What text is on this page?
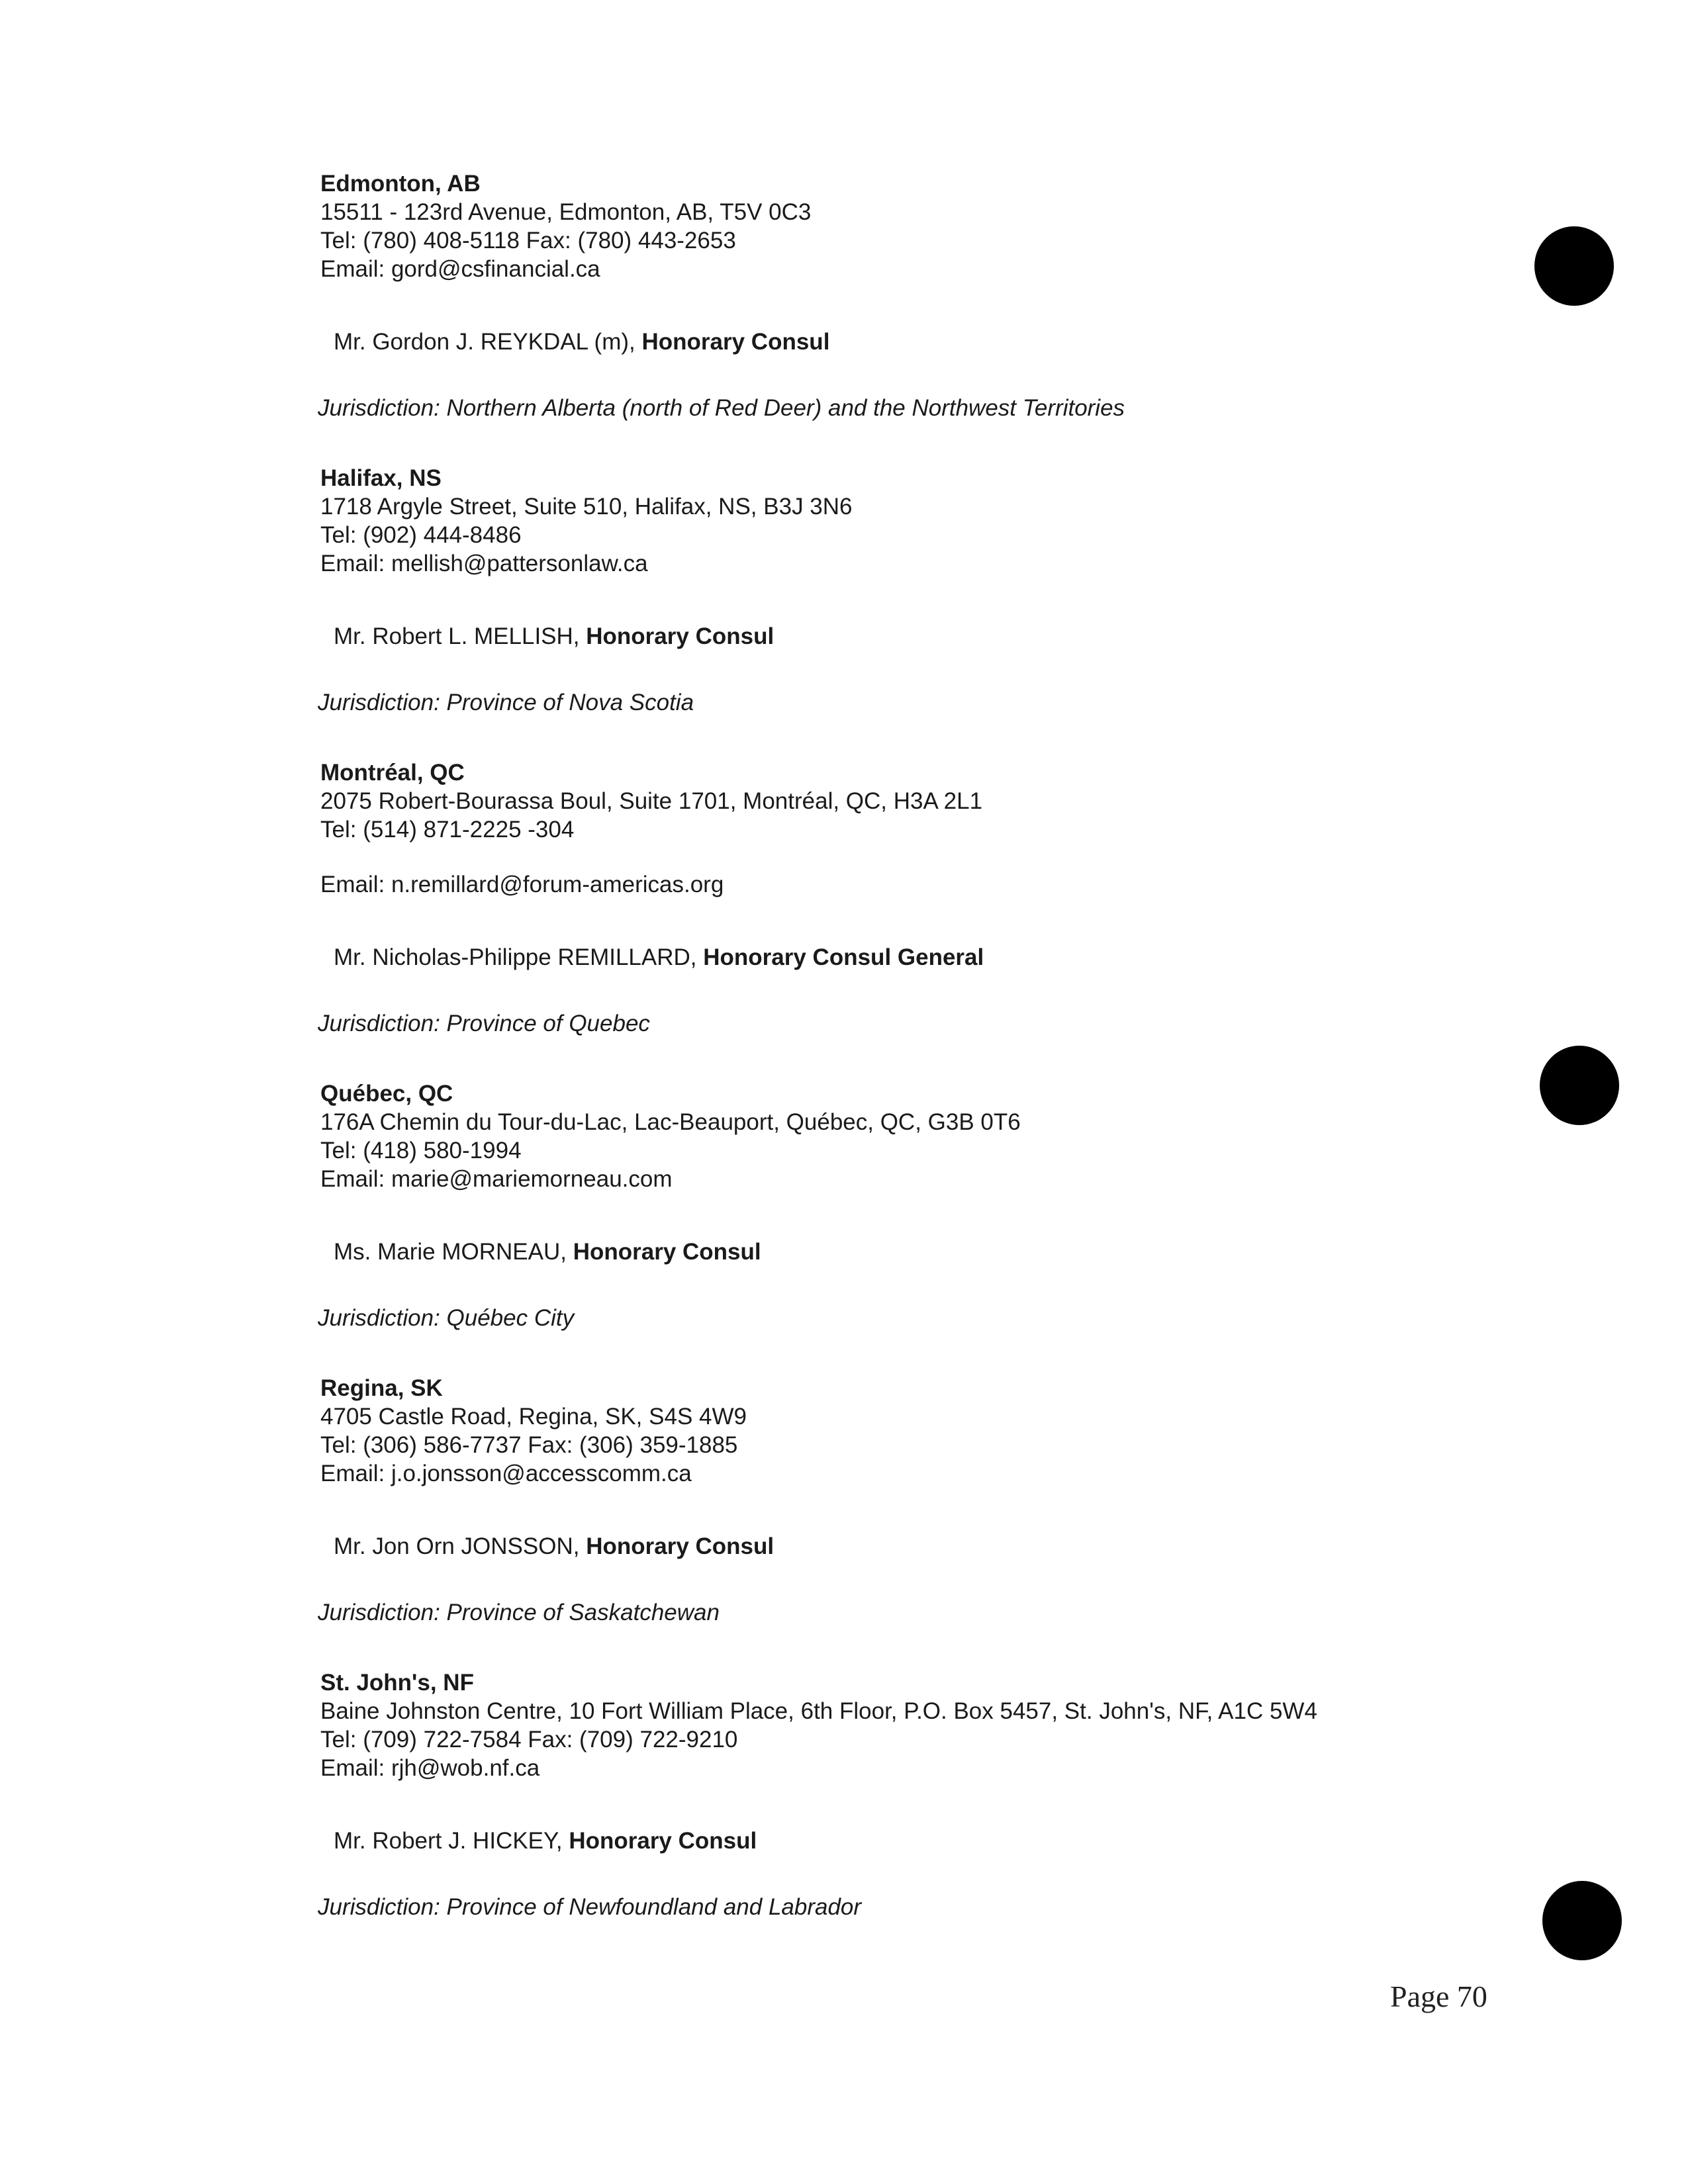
Edmonton, AB

15511 - 123rd Avenue, Edmonton, AB, T5V 0C3

Tel: (780) 408-5118 Fax: (780) 443-2653

Email: gord@csfinancial.ca

Mr. Gordon J. REYKDAL (m), Honorary Consul

Jurisdiction: Northern Alberta (north of Red Deer) and the Northwest Territories

Halifax, NS

1718 Argyle Street, Suite 510, Halifax, NS, B3J 3N6

Tel: (902) 444-8486

Email: mellish@pattersonlaw.ca

Mr. Robert L. MELLISH, Honorary Consul

Jurisdiction: Province of Nova Scotia

Montréal, QC

2075 Robert-Bourassa Boul, Suite 1701, Montréal, QC, H3A 2L1

Tel: (514) 871-2225 -304

Email: n.remillard@forum-americas.org

Mr. Nicholas-Philippe REMILLARD, Honorary Consul General

Jurisdiction: Province of Quebec

Québec, QC

176A Chemin du Tour-du-Lac, Lac-Beauport, Québec, QC, G3B 0T6

Tel: (418) 580-1994

Email: marie@mariemorneau.com

Ms. Marie MORNEAU, Honorary Consul

Jurisdiction: Québec City

Regina, SK

4705 Castle Road, Regina, SK, S4S 4W9

Tel: (306) 586-7737 Fax: (306) 359-1885

Email: j.o.jonsson@accesscomm.ca

Mr. Jon Orn JONSSON, Honorary Consul

Jurisdiction: Province of Saskatchewan

St. John's, NF

Baine Johnston Centre, 10 Fort William Place, 6th Floor, P.O. Box 5457, St. John's, NF, A1C 5W4

Tel: (709) 722-7584 Fax: (709) 722-9210

Email: rjh@wob.nf.ca

Mr. Robert J. HICKEY, Honorary Consul

Jurisdiction: Province of Newfoundland and Labrador

Page 70
